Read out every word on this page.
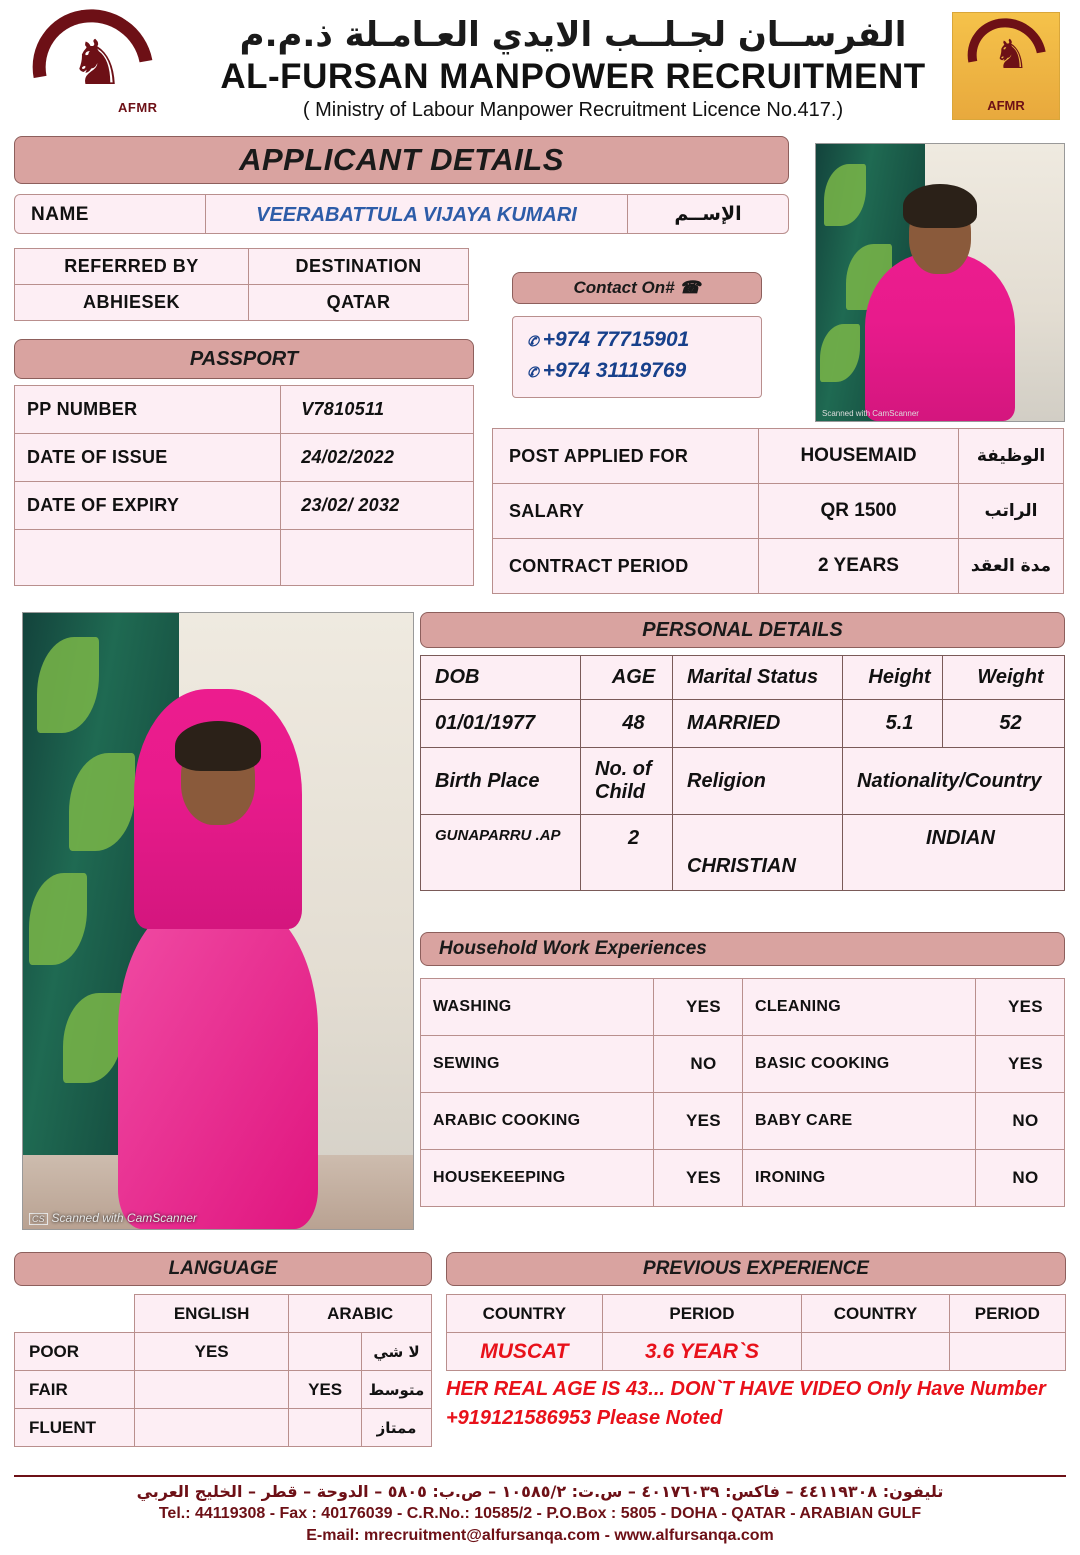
♞
AFMR
الفرســان لجـلــب الايدي العـامـلة ذ.م.م
AL-FURSAN MANPOWER RECRUITMENT
( Ministry of Labour Manpower Recruitment Licence No.417.)
♞
AFMR
APPLICANT DETAILS
NAME	VEERABATTULA VIJAYA KUMARI	الإســم
REFERRED BY	DESTINATION
ABHIESEK	QATAR
Contact On# ☎
✆ +974 77715901
✆ +974 31119769
PASSPORT
PP NUMBER	V7810511
DATE OF ISSUE	24/02/2022
DATE OF EXPIRY	23/02/ 2032

POST APPLIED FOR	HOUSEMAID	الوظيفة
SALARY	QR 1500	الراتب
CONTRACT PERIOD	2 YEARS	مدة العقد
Scanned with CamScanner
CS Scanned with CamScanner
PERSONAL DETAILS
DOB	AGE	Marital Status	Height	Weight
01/01/1977	48	MARRIED	5.1	52
Birth Place	No. of Child	Religion	Nationality/Country	
GUNAPARRU .AP	2	CHRISTIAN	INDIAN	
Household Work Experiences
WASHING	YES	CLEANING	YES
SEWING	NO	BASIC COOKING	YES
ARABIC COOKING	YES	BABY CARE	NO
HOUSEKEEPING	YES	IRONING	NO
LANGUAGE
	ENGLISH	ARABIC	
POOR	YES		لا شي
FAIR		YES	متوسط
FLUENT			ممتاز
PREVIOUS EXPERIENCE
COUNTRY	PERIOD	COUNTRY	PERIOD
MUSCAT	3.6 YEAR`S		
HER REAL AGE IS 43... DON`T HAVE VIDEO Only Have Number +919121586953 Please Noted
تليفون: ٤٤١١٩٣٠٨ – فاكس: ٤٠١٧٦٠٣٩ – س.ت: ١٠٥٨٥/٢ – ص.ب: ٥٨٠٥ – الدوحة – قطر – الخليج العربي
Tel.: 44119308 - Fax : 40176039 - C.R.No.: 10585/2 - P.O.Box : 5805 - DOHA - QATAR - ARABIAN GULF
E-mail: mrecruitment@alfursanqa.com - www.alfursanqa.com
